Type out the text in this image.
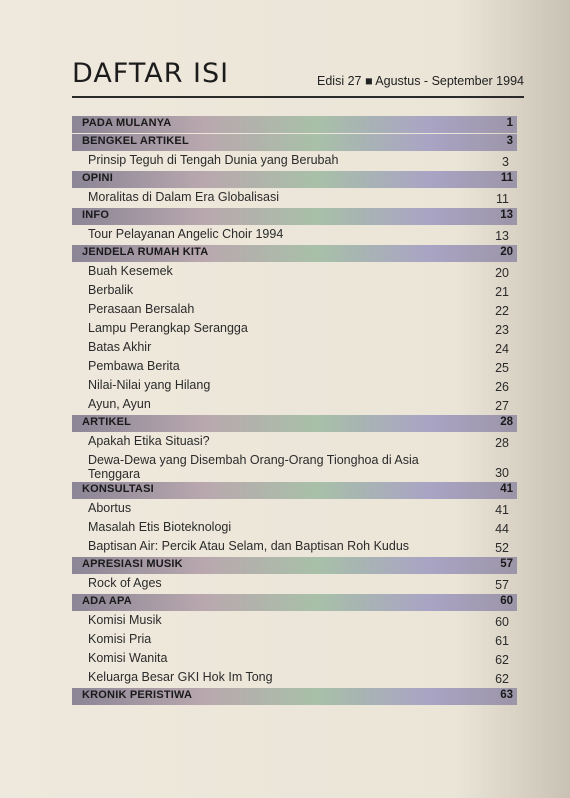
DAFTAR ISI	Edisi 27 ■ Agustus - September 1994
PADA MULANYA	1
BENGKEL ARTIKEL	3
Prinsip Teguh di Tengah Dunia yang Berubah	3
OPINI	11
Moralitas di Dalam Era Globalisasi	11
INFO	13
Tour Pelayanan Angelic Choir 1994	13
JENDELA RUMAH KITA	20
Buah Kesemek	20
Berbalik	21
Perasaan Bersalah	22
Lampu Perangkap Serangga	23
Batas Akhir	24
Pembawa Berita	25
Nilai-Nilai yang Hilang	26
Ayun, Ayun	27
ARTIKEL	28
Apakah Etika Situasi?	28
Dewa-Dewa yang Disembah Orang-Orang Tionghoa di Asia Tenggara	30
KONSULTASI	41
Abortus	41
Masalah Etis Bioteknologi	44
Baptisan Air: Percik Atau Selam, dan Baptisan Roh Kudus	52
APRESIASI MUSIK	57
Rock of Ages	57
ADA APA	60
Komisi Musik	60
Komisi Pria	61
Komisi Wanita	62
Keluarga Besar GKI Hok Im Tong	62
KRONIK PERISTIWA	63
